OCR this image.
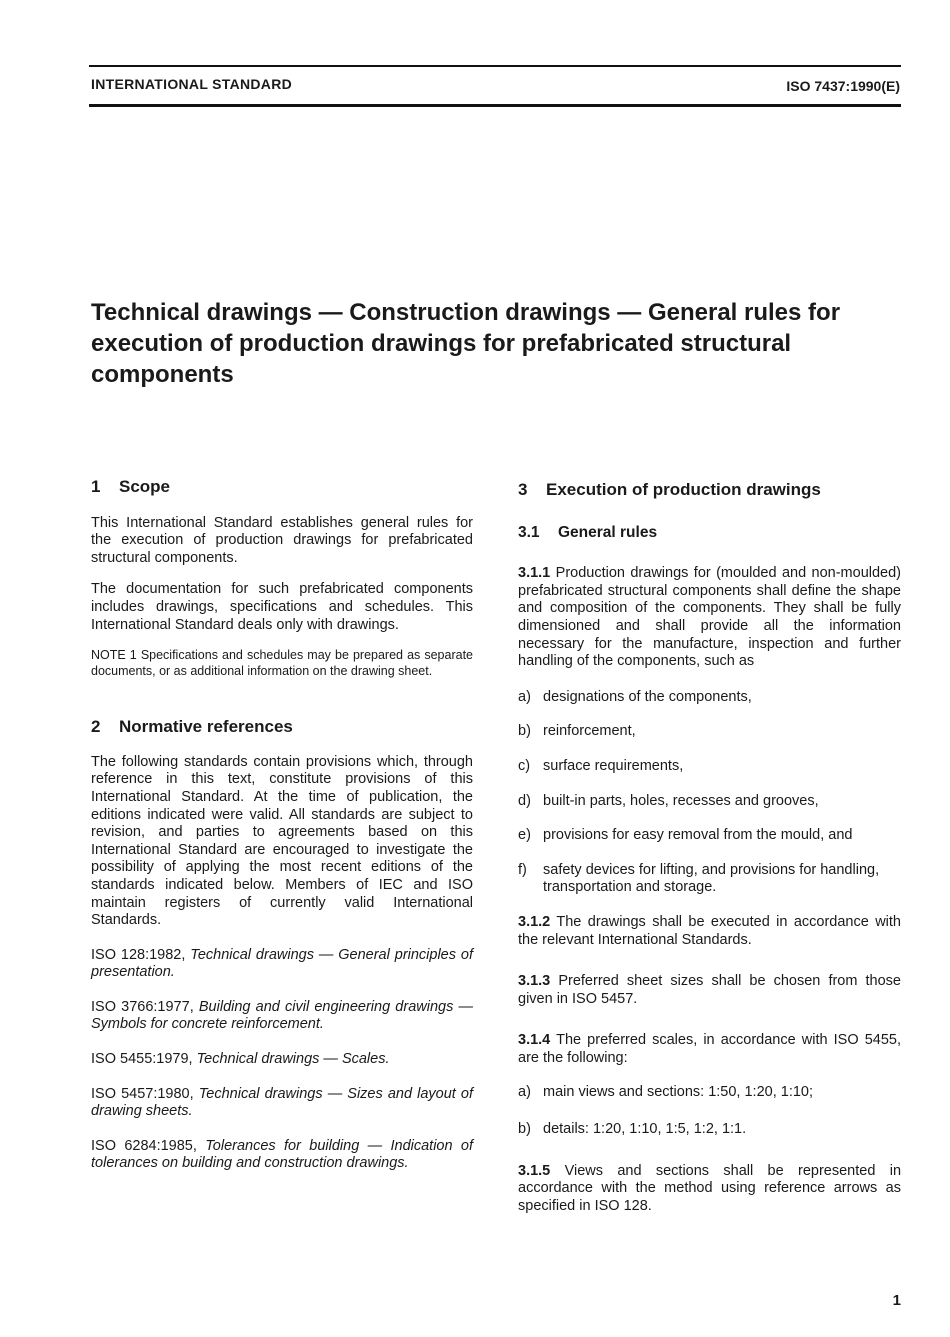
INTERNATIONAL STANDARD	ISO 7437:1990(E)
Technical drawings — Construction drawings — General rules for execution of production drawings for prefabricated structural components
1 Scope

This International Standard establishes general rules for the execution of production drawings for prefabricated structural components.

The documentation for such prefabricated components includes drawings, specifications and schedules. This International Standard deals only with drawings.

NOTE 1 Specifications and schedules may be prepared as separate documents, or as additional information on the drawing sheet.

2 Normative references

The following standards contain provisions which, through reference in this text, constitute provisions of this International Standard. At the time of publication, the editions indicated were valid. All standards are subject to revision, and parties to agreements based on this International Standard are encouraged to investigate the possibility of applying the most recent editions of the standards indicated below. Members of IEC and ISO maintain registers of currently valid International Standards.

ISO 128:1982, Technical drawings — General principles of presentation.

ISO 3766:1977, Building and civil engineering drawings — Symbols for concrete reinforcement.

ISO 5455:1979, Technical drawings — Scales.

ISO 5457:1980, Technical drawings — Sizes and layout of drawing sheets.

ISO 6284:1985, Tolerances for building — Indication of tolerances on building and construction drawings.

3 Execution of production drawings
3.1 General rules

3.1.1 Production drawings for (moulded and non-moulded) prefabricated structural components shall define the shape and composition of the components. They shall be fully dimensioned and shall provide all the information necessary for the manufacture, inspection and further handling of the components, such as

a) designations of the components,
b) reinforcement,
c) surface requirements,
d) built-in parts, holes, recesses and grooves,
e) provisions for easy removal from the mould, and
f)	safety devices for lifting, and provisions for handling, transportation and storage.

3.1.2 The drawings shall be executed in accordance with the relevant International Standards.

3.1.3 Preferred sheet sizes shall be chosen from those given in ISO 5457.

3.1.4 The preferred scales, in accordance with ISO 5455, are the following:

a) main views and sections: 1:50, 1:20, 1:10;
b) details: 1:20, 1:10, 1:5, 1:2, 1:1.

3.1.5 Views and sections shall be represented in accordance with the method using reference arrows as specified in ISO 128.

1
